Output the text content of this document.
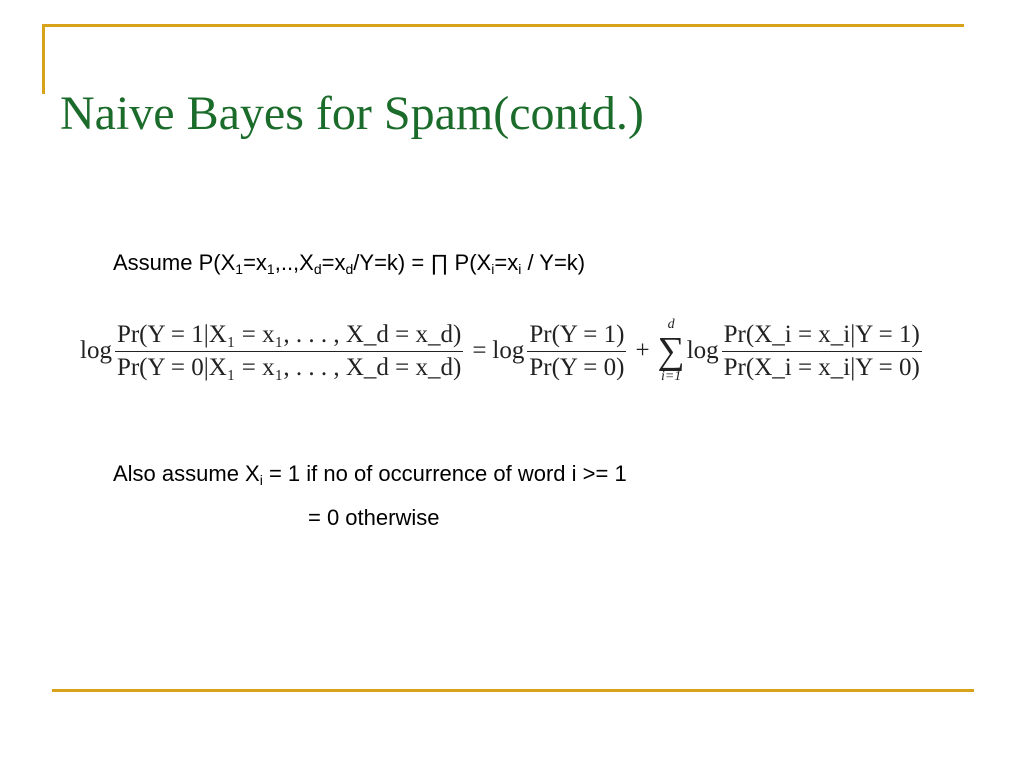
Naive Bayes for Spam(contd.)
Assume $P(X_1=x_1,..,X_d=x_d/Y=k)$ = ∏ $P(X_i=x_i / Y=k)$
$\log \frac{\text{Pr(Y = 1|X₁ = x₁, . . . , X\_d = x\_d)}}{\text{Pr(Y = 0|X₁ = x₁, . . . , X\_d = x\_d)}} = \log \frac{Pr(Y = 1)}{Pr(Y = 0)}$ +
d
∑
i=1
$\log \frac{Pr(X\_i = x\_i|Y = 1)}{Pr(X\_i = x\_i|Y = 0)}$
Also assume $X_i = 1$ if no of occurrence of word i >= 1
= 0 otherwise
